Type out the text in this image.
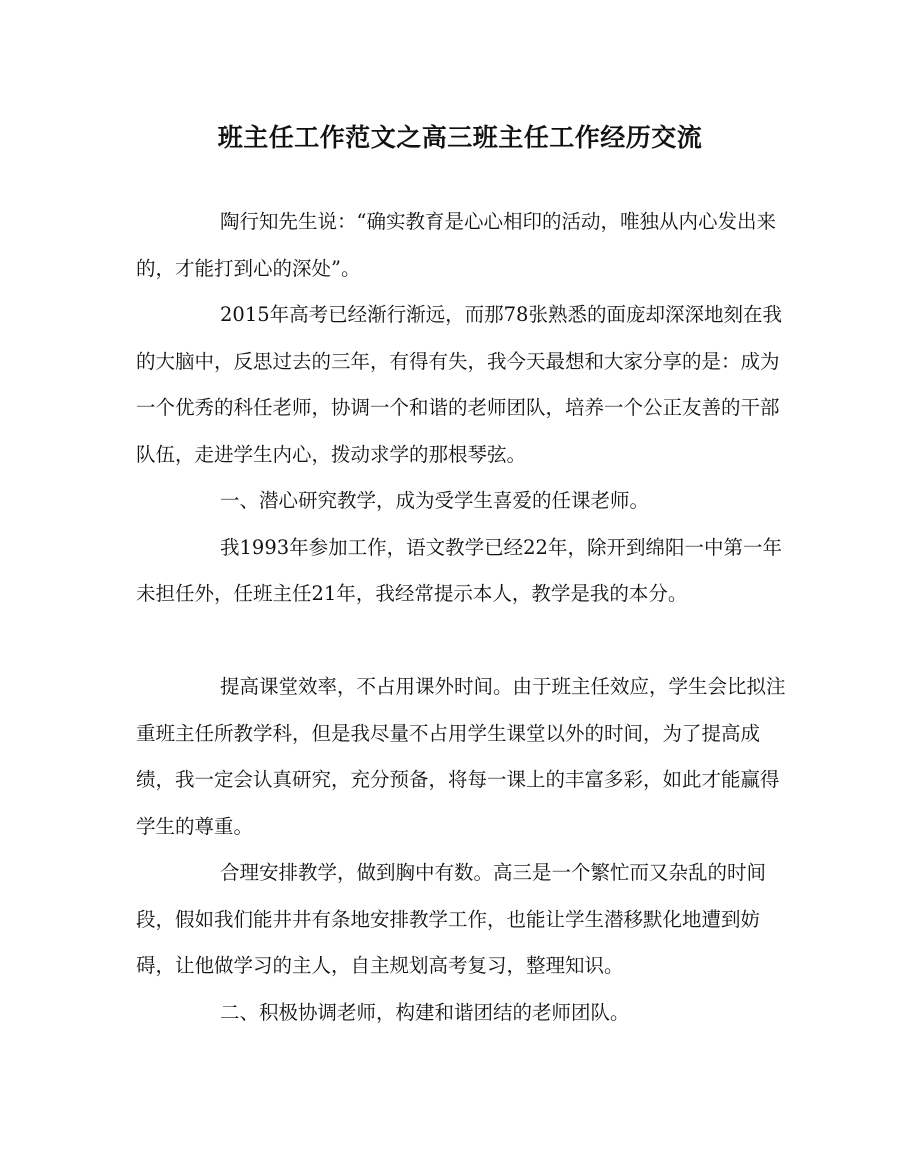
班主任工作范文之高三班主任工作经历交流

陶行知先生说：“确实教育是心心相印的活动，唯独从内心发出来的，才能打到心的深处”。

2015年高考已经渐行渐远，而那78张熟悉的面庞却深深地刻在我的大脑中，反思过去的三年，有得有失，我今天最想和大家分享的是：成为一个优秀的科任老师，协调一个和谐的老师团队，培养一个公正友善的干部队伍，走进学生内心，拨动求学的那根琴弦。

一、潜心研究教学，成为受学生喜爱的任课老师。

我1993年参加工作，语文教学已经22年，除开到绵阳一中第一年未担任外，任班主任21年，我经常提示本人，教学是我的本分。

提高课堂效率，不占用课外时间。由于班主任效应，学生会比拟注重班主任所教学科，但是我尽量不占用学生课堂以外的时间，为了提高成绩，我一定会认真研究，充分预备，将每一课上的丰富多彩，如此才能赢得学生的尊重。

合理安排教学，做到胸中有数。高三是一个繁忙而又杂乱的时间段，假如我们能井井有条地安排教学工作，也能让学生潜移默化地遭到妨碍，让他做学习的主人，自主规划高考复习，整理知识。

二、积极协调老师，构建和谐团结的老师团队。
